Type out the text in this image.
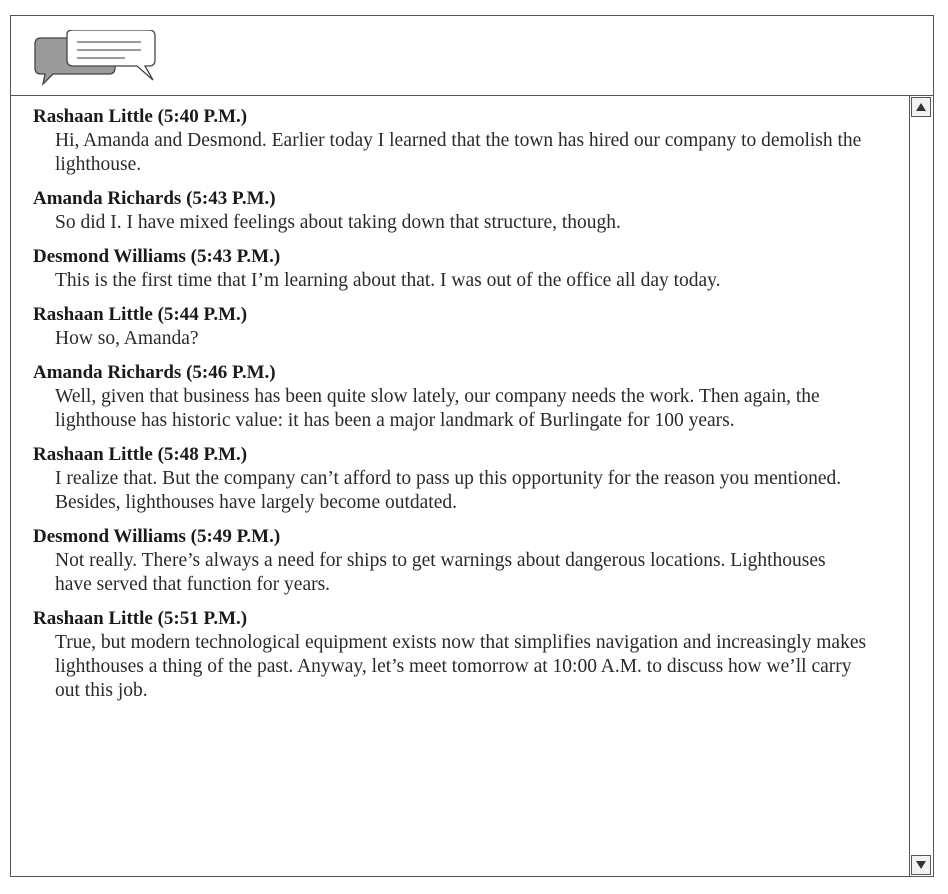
Rashaan Little (5:40 P.M.)
Hi, Amanda and Desmond. Earlier today I learned that the town has hired our company to demolish the lighthouse.
Amanda Richards (5:43 P.M.)
So did I. I have mixed feelings about taking down that structure, though.
Desmond Williams (5:43 P.M.)
This is the first time that I’m learning about that. I was out of the office all day today.
Rashaan Little (5:44 P.M.)
How so, Amanda?
Amanda Richards (5:46 P.M.)
Well, given that business has been quite slow lately, our company needs the work. Then again, the lighthouse has historic value: it has been a major landmark of Burlingate for 100 years.
Rashaan Little (5:48 P.M.)
I realize that. But the company can’t afford to pass up this opportunity for the reason you mentioned. Besides, lighthouses have largely become outdated.
Desmond Williams (5:49 P.M.)
Not really. There’s always a need for ships to get warnings about dangerous locations. Lighthouses have served that function for years.
Rashaan Little (5:51 P.M.)
True, but modern technological equipment exists now that simplifies navigation and increasingly makes lighthouses a thing of the past. Anyway, let’s meet tomorrow at 10:00 A.M. to discuss how we’ll carry out this job.
